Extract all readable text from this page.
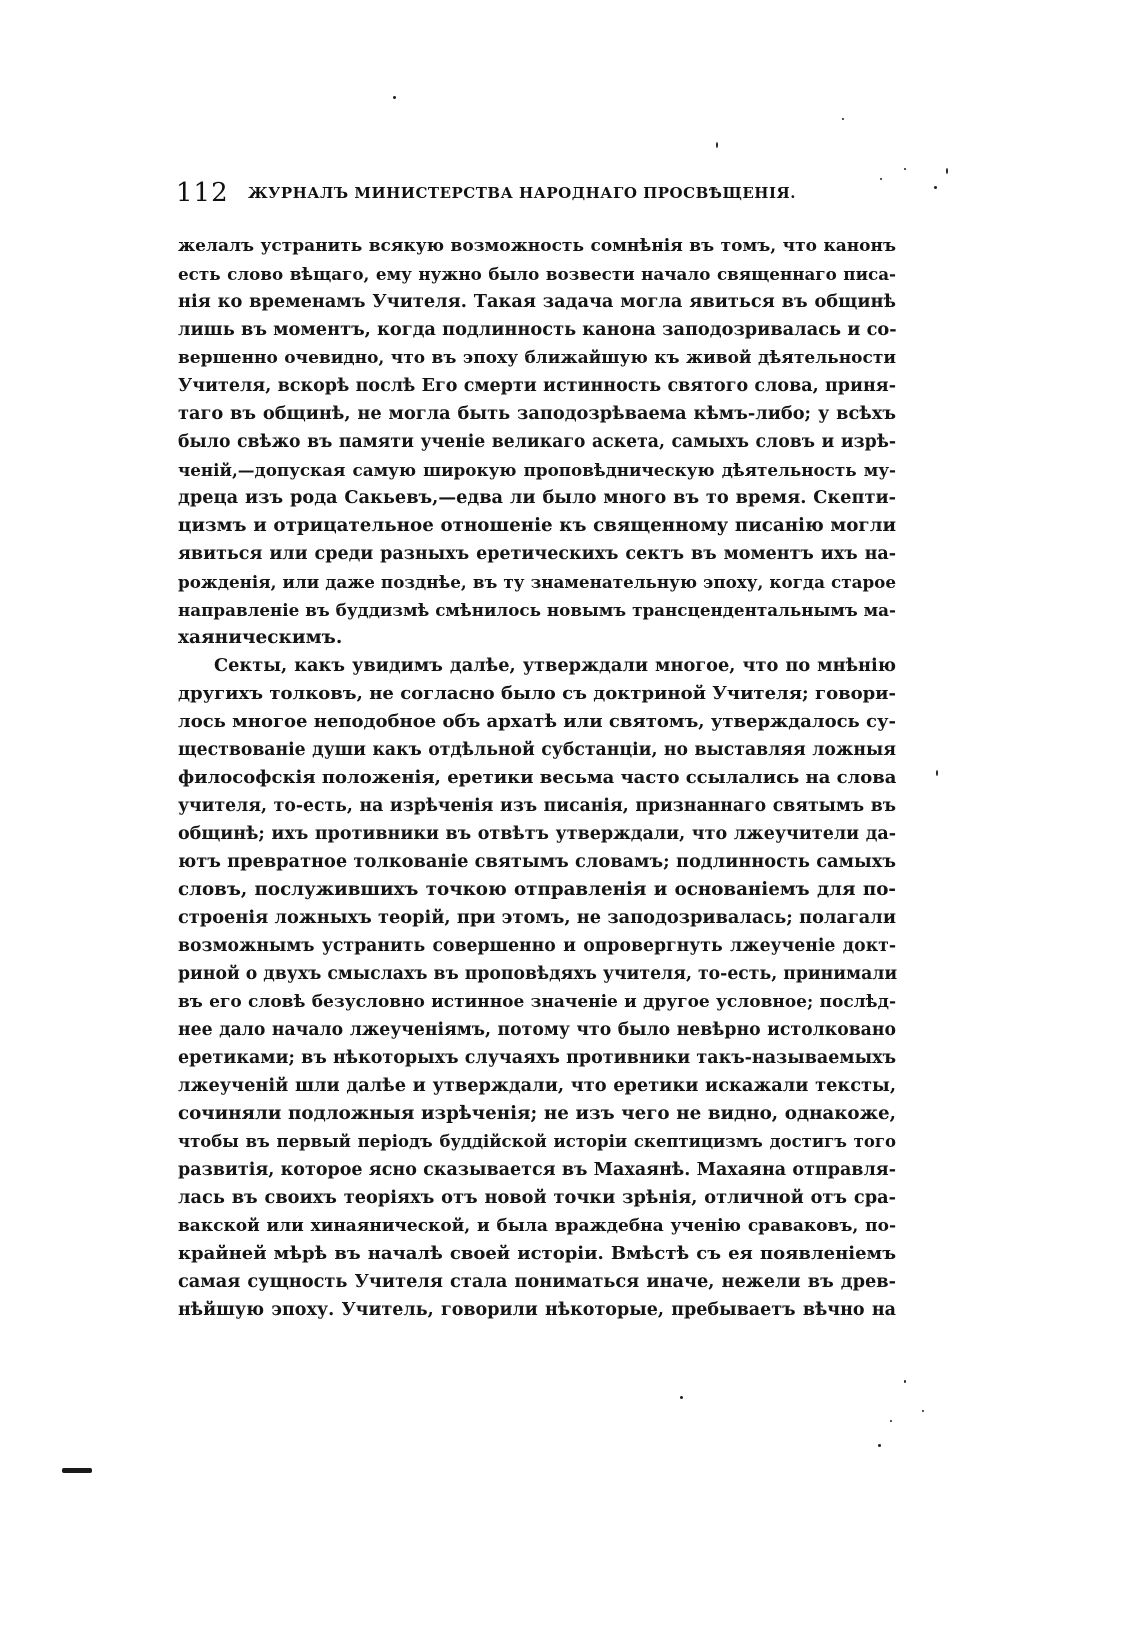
112 ЖУРНАЛЪ МИНИСТЕРСТВА НАРОДНАГО ПРОСВѢЩЕНІЯ.
желалъ устранить всякую возможность сомнѣнія въ томъ, что канонъ
есть слово вѣщаго, ему нужно было возвести начало священнаго писа-
нія ко временамъ Учителя. Такая задача могла явиться въ общинѣ
лишь въ моментъ, когда подлинность канона заподозривалась и со-
вершенно очевидно, что въ эпоху ближайшую къ живой дѣятельности
Учителя, вскорѣ послѣ Его смерти истинность святого слова, приня-
таго въ общинѣ, не могла быть заподозрѣваема кѣмъ-либо; у всѣхъ
было свѣжо въ памяти ученіе великаго аскета, самыхъ словъ и изрѣ-
ченій,—допуская самую широкую проповѣдническую дѣятельность му-
дреца изъ рода Сакьевъ,—едва ли было много въ то время. Скепти-
цизмъ и отрицательное отношеніе къ священному писанію могли
явиться или среди разныхъ еретическихъ сектъ въ моментъ ихъ на-
рожденія, или даже позднѣе, въ ту знаменательную эпоху, когда старое
направленіе въ буддизмѣ смѣнилось новымъ трансцендентальнымъ ма-
хаяническимъ.
Секты, какъ увидимъ далѣе, утверждали многое, что по мнѣнію
другихъ толковъ, не согласно было съ доктриной Учителя; говори-
лось многое неподобное объ архатѣ или святомъ, утверждалось су-
ществованіе души какъ отдѣльной субстанціи, но выставляя ложныя
философскія положенія, еретики весьма часто ссылались на слова
учителя, то-есть, на изрѣченія изъ писанія, признаннаго святымъ въ
общинѣ; ихъ противники въ отвѣтъ утверждали, что лжеучители да-
ютъ превратное толкованіе святымъ словамъ; подлинность самыхъ
словъ, послужившихъ точкою отправленія и основаніемъ для по-
строенія ложныхъ теорій, при этомъ, не заподозривалась; полагали
возможнымъ устранить совершенно и опровергнуть лжеученіе докт-
риной о двухъ смыслахъ въ проповѣдяхъ учителя, то-есть, принимали
въ его словѣ безусловно истинное значеніе и другое условное; послѣд-
нее дало начало лжеученіямъ, потому что было невѣрно истолковано
еретиками; въ нѣкоторыхъ случаяхъ противники такъ-называемыхъ
лжеученій шли далѣе и утверждали, что еретики искажали тексты,
сочиняли подложныя изрѣченія; не изъ чего не видно, однакоже,
чтобы въ первый періодъ буддійской исторіи скептицизмъ достигъ того
развитія, которое ясно сказывается въ Махаянѣ. Махаяна отправля-
лась въ своихъ теоріяхъ отъ новой точки зрѣнія, отличной отъ сра-
вакской или хинаянической, и была враждебна ученію сраваковъ, по-
крайней мѣрѣ въ началѣ своей исторіи. Вмѣстѣ съ ея появленіемъ
самая сущность Учителя стала пониматься иначе, нежели въ древ-
нѣйшую эпоху. Учитель, говорили нѣкоторые, пребываетъ вѣчно на
